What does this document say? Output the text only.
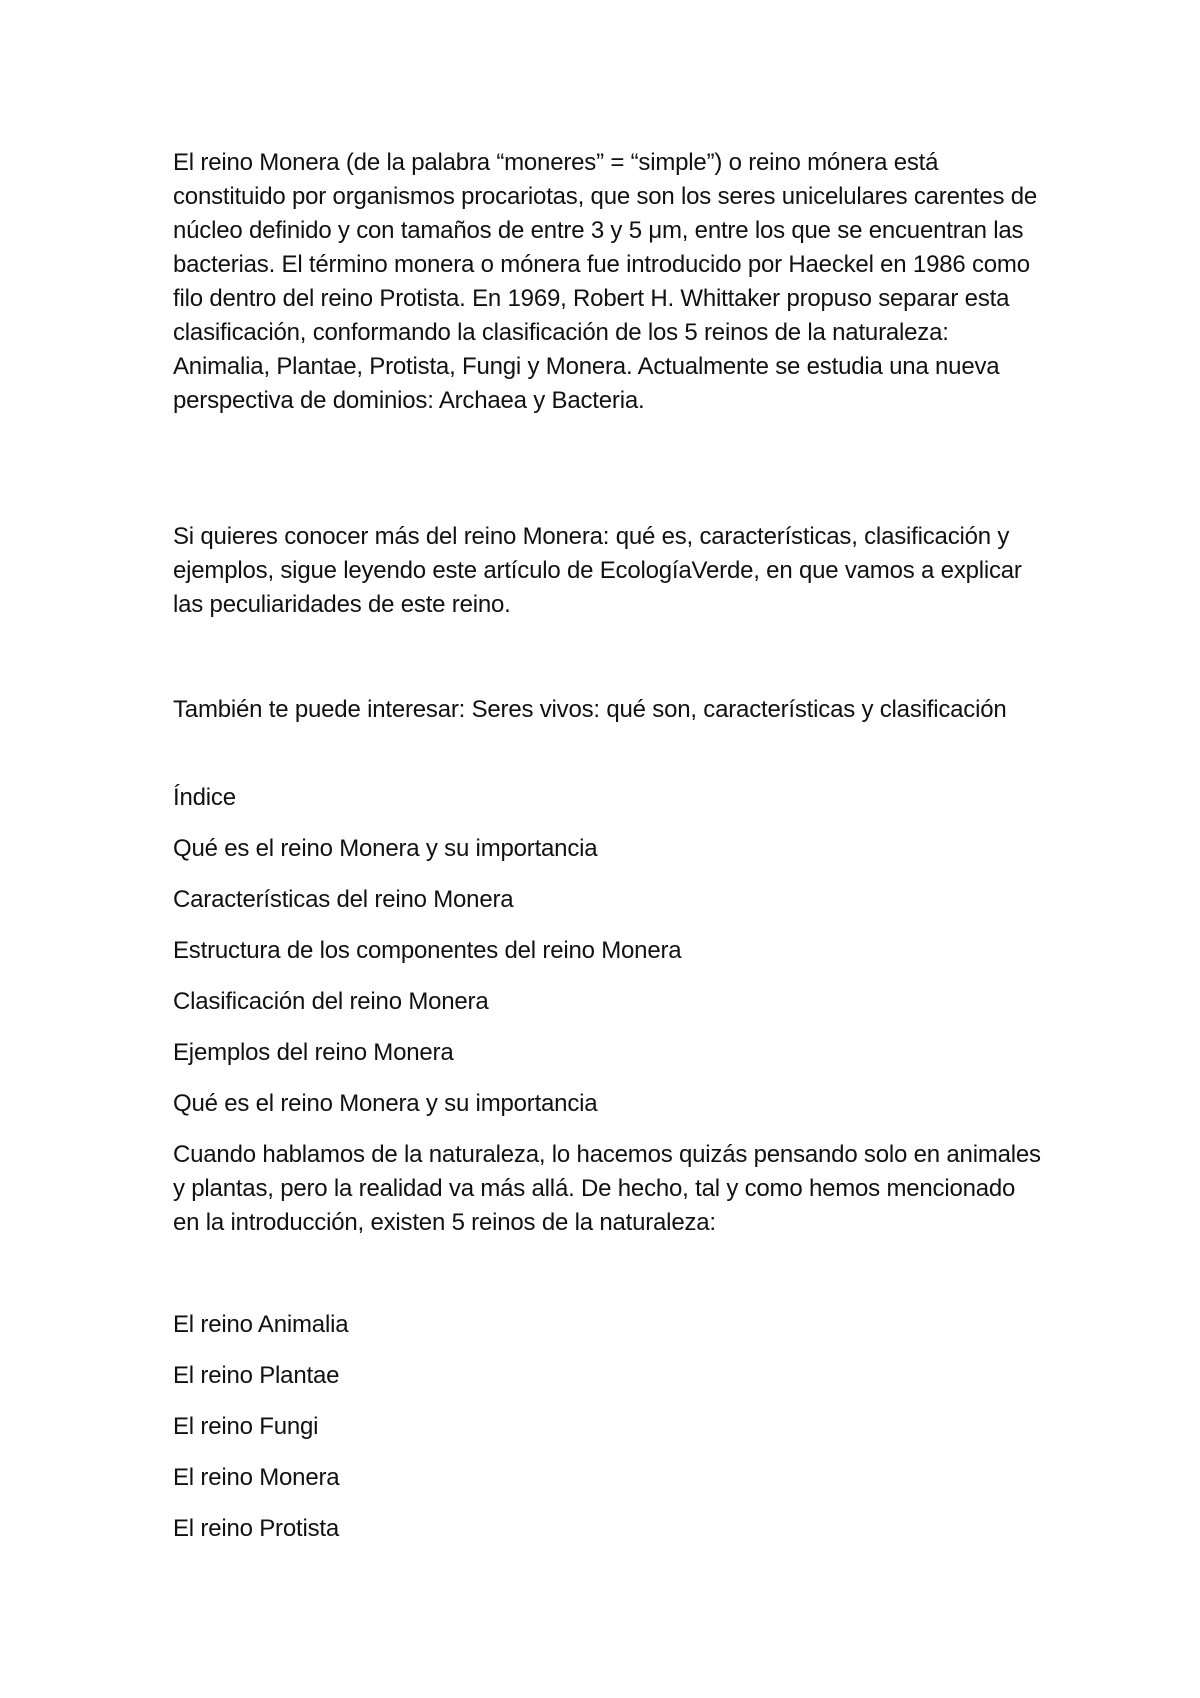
El reino Monera (de la palabra “moneres” = “simple”) o reino mónera está constituido por organismos procariotas, que son los seres unicelulares carentes de núcleo definido y con tamaños de entre 3 y 5 μm, entre los que se encuentran las bacterias. El término monera o mónera fue introducido por Haeckel en 1986 como filo dentro del reino Protista. En 1969, Robert H. Whittaker propuso separar esta clasificación, conformando la clasificación de los 5 reinos de la naturaleza: Animalia, Plantae, Protista, Fungi y Monera. Actualmente se estudia una nueva perspectiva de dominios: Archaea y Bacteria.

Si quieres conocer más del reino Monera: qué es, características, clasificación y ejemplos, sigue leyendo este artículo de EcologíaVerde, en que vamos a explicar las peculiaridades de este reino.

También te puede interesar: Seres vivos: qué son, características y clasificación

Índice

Qué es el reino Monera y su importancia

Características del reino Monera

Estructura de los componentes del reino Monera

Clasificación del reino Monera

Ejemplos del reino Monera

Qué es el reino Monera y su importancia

Cuando hablamos de la naturaleza, lo hacemos quizás pensando solo en animales y plantas, pero la realidad va más allá. De hecho, tal y como hemos mencionado en la introducción, existen 5 reinos de la naturaleza:

El reino Animalia

El reino Plantae

El reino Fungi

El reino Monera

El reino Protista
